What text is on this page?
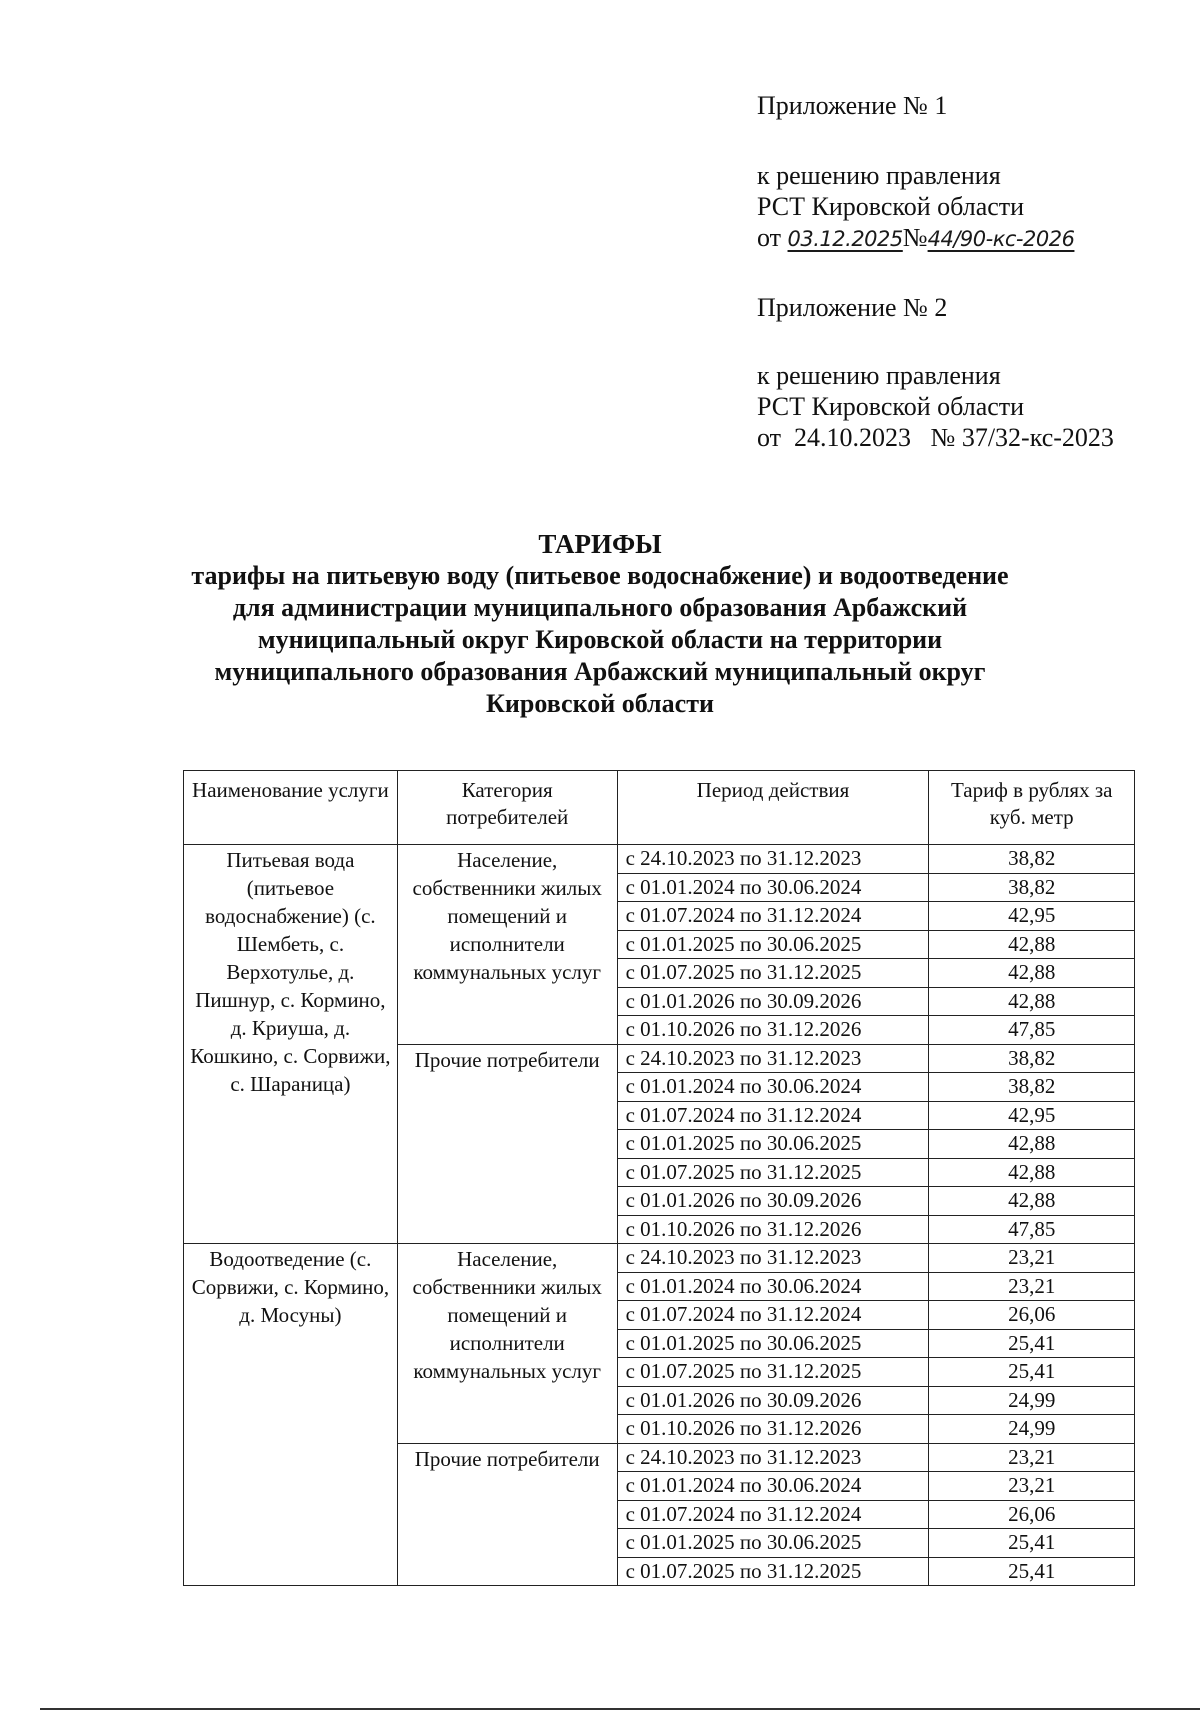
Приложение № 1
к решению правления
РСТ Кировской области
от 03.12.2025№44/90-кс-2026
Приложение № 2
к решению правления
РСТ Кировской области
от  24.10.2023   № 37/32-кс-2023
ТАРИФЫ
тарифы на питьевую воду (питьевое водоснабжение) и водоотведение
для администрации муниципального образования Арбажский
муниципальный округ Кировской области на территории
муниципального образования Арбажский муниципальный округ
Кировской области
Наименование услуги	Категория потребителей	Период действия	Тариф в рублях за куб. метр
Питьевая вода (питьевое водоснабжение) (с. Шембеть, с. Верхотулье, д. Пишнур, с. Кормино, д. Криуша, д. Кошкино, с. Сорвижи, с. Шараница)	Население, собственники жилых помещений и исполнители коммунальных услуг	с 24.10.2023 по 31.12.2023	38,82
		с 01.01.2024 по 30.06.2024	38,82
		с 01.07.2024 по 31.12.2024	42,95
		с 01.01.2025 по 30.06.2025	42,88
		с 01.07.2025 по 31.12.2025	42,88
		с 01.01.2026 по 30.09.2026	42,88
		с 01.10.2026 по 31.12.2026	47,85
	Прочие потребители	с 24.10.2023 по 31.12.2023	38,82
		с 01.01.2024 по 30.06.2024	38,82
		с 01.07.2024 по 31.12.2024	42,95
		с 01.01.2025 по 30.06.2025	42,88
		с 01.07.2025 по 31.12.2025	42,88
		с 01.01.2026 по 30.09.2026	42,88
		с 01.10.2026 по 31.12.2026	47,85
Водоотведение (с. Сорвижи, с. Кормино, д. Мосуны)	Население, собственники жилых помещений и исполнители коммунальных услуг	с 24.10.2023 по 31.12.2023	23,21
		с 01.01.2024 по 30.06.2024	23,21
		с 01.07.2024 по 31.12.2024	26,06
		с 01.01.2025 по 30.06.2025	25,41
		с 01.07.2025 по 31.12.2025	25,41
		с 01.01.2026 по 30.09.2026	24,99
		с 01.10.2026 по 31.12.2026	24,99
	Прочие потребители	с 24.10.2023 по 31.12.2023	23,21
		с 01.01.2024 по 30.06.2024	23,21
		с 01.07.2024 по 31.12.2024	26,06
		с 01.01.2025 по 30.06.2025	25,41
		с 01.07.2025 по 31.12.2025	25,41
